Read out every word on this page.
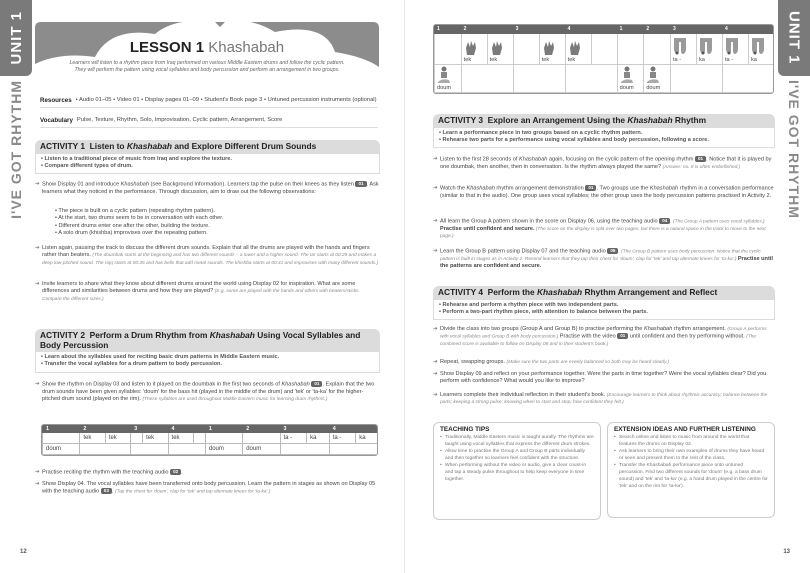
UNIT 1
I'VE GOT RHYTHM
LESSON 1 Khashabah
Learners will listen to a rhythm piece from Iraq performed on various Middle Eastern drums and follow the cyclic pattern. They will perform the pattern using vocal syllables and body percussion and perform an arrangement in two groups.
Resources • Audio 01–05 • Video 01 • Display pages 01–09 • Student's Book page 3 • Untuned percussion instruments (optional)
Vocabulary Pulse, Texture, Rhythm, Solo, Improvisation, Cyclic pattern, Arrangement, Score
ACTIVITY 1 Listen to Khashabah and Explore Different Drum Sounds
• Listen to a traditional piece of music from Iraq and explore the texture.
• Compare different types of drum.
➔ Show Display 01 and introduce Khashabah (see Background Information). Learners tap the pulse on their knees as they listen 01 . Ask learners what they noticed in the performance. Through discussion, aim to draw out the following observations:
• The piece is built on a cyclic pattern (repeating rhythm pattern).
• At the start, two drums seem to be in conversation with each other.
• Different drums enter one after the other, building the texture.
• A solo drum (khishba) improvises over the repeating pattern.
➔ Listen again, pausing the track to discuss the different drum sounds. Explain that all the drums are played with the hands and fingers rather than beaters. (The doumbak starts at the beginning and has two different sounds – a lower and a higher sound. The tar starts at 00:29 and makes a deep low-pitched sound. The riqq starts at 00:35 and has bells that add metal sounds. The khishba starts at 00:41 and improvises with many different sounds.)
➔ Invite learners to share what they know about different drums around the world using Display 02 for inspiration. What are some differences and similarities between drums and how they are played? (E.g. some are played with the hands and others with beaters/sticks. Compare the different sizes.)
ACTIVITY 2 Perform a Drum Rhythm from Khashabah Using Vocal Syllables and Body Percussion
• Learn about the syllables used for reciting basic drum patterns in Middle Eastern music.
• Transfer the vocal syllables for a drum pattern to body percussion.
➔ Show the rhythm on Display 03 and listen to it played on the doumbak in the first two seconds of Khashabah 01 . Explain that the two drum sounds have been given syllables: 'doum' for the bass hit (played in the middle of the drum) and 'tek' or 'ta-ka' for the higher-pitched drum sound (played on the rim). (These syllables are used throughout Middle Eastern music for learning drum rhythms.)
1	2		3		4		1	2	3		4	
	tek	tek		tek	tek				ta -	ka	ta -	ka
doum							doum	doum				
➔ Practise reciting the rhythm with the teaching audio 02 .
➔ Show Display 04. The vocal syllables have been transferred onto body percussion. Learn the pattern in stages as shown on Display 05 with the teaching audio 03 . (Tap the chest for 'doum', clap for 'tek' and tap alternate knees for 'ta-ka'.)
12
UNIT 1
I'VE GOT RHYTHM
1	2		3		4		1	2	3		4	

tek	tek		tek	tek				ta -	ka	ta -	ka

doum							doum	doum				
ACTIVITY 3 Explore an Arrangement Using the Khashabah Rhythm
• Learn a performance piece in two groups based on a cyclic rhythm pattern.
• Rehearse two parts for a performance using vocal syllables and body percussion, following a score.
➔ Listen to the first 28 seconds of Khashabah again, focusing on the cyclic pattern of the opening rhythm 01 . Notice that it is played by one doumbak, then another, then in conversation. Is the rhythm always played the same? (Answer: no. It is often embellished.)
➔ Watch the Khashabah rhythm arrangement demonstration 01 . Two groups use the Khashabah rhythm in a conversation performance (similar to that in the audio). One group uses vocal syllables; the other group uses the body percussion patterns practised in Activity 2.
➔ All learn the Group A pattern shown in the score on Display 06, using the teaching audio 04 . (The Group A pattern uses vocal syllables.) Practise until confident and secure. (The score on the display is split over two pages, but there is a natural space in the track to move to the next page.)
➔ Learn the Group B pattern using Display 07 and the teaching audio 05 . (The Group B pattern uses body percussion. Notice that the cyclic pattern is built in stages as in Activity 2. Remind learners that they tap their chest for 'doum', clap for 'tek' and tap alternate knees for 'ta-ka'.) Practise until the patterns are confident and secure.
ACTIVITY 4 Perform the Khashabah Rhythm Arrangement and Reflect
• Rehearse and perform a rhythm piece with two independent parts.
• Perform a two-part rhythm piece, with attention to balance between the parts.
➔ Divide the class into two groups (Group A and Group B) to practise performing the Khashabah rhythm arrangement. (Group A performs with vocal syllables and Group B with body percussion.) Practise with the video 01 until confident and then try performing without. (The combined score is available to follow on Display 08 and in their student's book.)
➔ Repeat, swapping groups. (Make sure the two parts are evenly balanced so both may be heard clearly.)
➔ Show Display 09 and reflect on your performance together. Were the parts in time together? Were the vocal syllables clear? Did you perform with confidence? What would you like to improve?
➔ Learners complete their individual reflection in their student's book. (Encourage learners to think about rhythmic accuracy; balance between the parts; keeping a strong pulse; knowing when to start and stop; how confident they felt.)
TEACHING TIPS
• Traditionally, Middle Eastern music is taught aurally. The rhythms are taught using vocal syllables that express the different drum strokes.
• Allow time to practise the Group A and Group B parts individually and then together so learners feel confident with the structure.
• When performing without the video or audio, give a clear count-in and tap a steady pulse throughout to help keep everyone in time together.
EXTENSION IDEAS AND FURTHER LISTENING
• Search online and listen to music from around the world that features the drums on Display 02.
• Ask learners to bring their own examples of drums they have heard or seen and present them to the rest of the class.
• Transfer the Khashabah performance piece onto untuned percussion. Find two different sounds for 'doum' (e.g. a bass drum sound) and 'tek' and 'ta-ka' (e.g. a hand drum played in the centre for 'tek' and on the rim for 'ta-ka').
13
